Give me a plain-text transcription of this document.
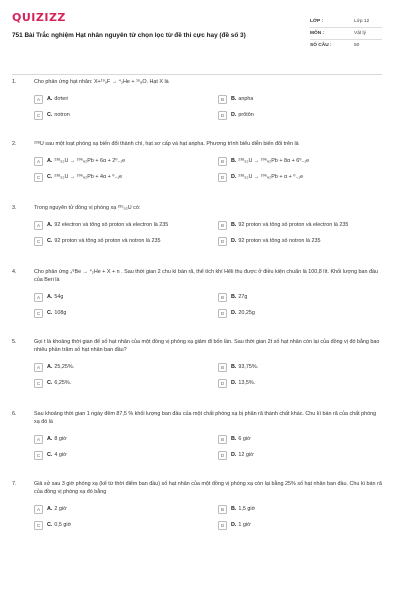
QUIZIZZ
751 Bài Trắc nghiệm Hạt nhân nguyên tử chọn lọc từ đề thi cực hay (đề số 3)
LỚP :	Lớp 12
MÔN :	Vật lý
SỐ CÂU :	50
1.	Cho phản ứng hạt nhân: X+¹⁹₉F → ⁴₂He + ¹⁶₈O. Hạt X là
A	A. đơteri	B	B. anpha
C	C. notron	D	D. prôtôn
2.	²³⁸U sau một loạt phóng xạ biến đổi thành chì, hạt sơ cấp và hạt anpha. Phương trình biểu diễn biến đổi trên là
A	A. ²³⁸₉₂U → ²⁰⁶₈₂Pb + 6α + 2⁰₋₁e	B	B. ²³⁸₉₂U → ²⁰⁶₈₂Pb + 8α + 6⁰₋₁e
C	C. ²³⁸₉₂U → ²⁰⁶₈₂Pb + 4α + ⁰₋₁e	D	D. ²³⁸₉₂U → ²⁰⁶₈₂Pb + α + ⁰₋₁e
3.	Trong nguyên tử đồng vị phóng xạ ²³⁵₉₂U có:
A	A. 92 electron và tổng số proton và electron là 235	B	B. 92 proton và tổng số proton và electron là 235
C	C. 92 proton và tổng số proton và notron là 235	D	D. 92 proton và tổng số notron là 235
4.	Cho phản ứng ₄⁹Be → ⁴₂He + X + n . Sau thời gian 2 chu kì bán rã, thể tích khí Hêli thu được ở điều kiện chuẩn là 100,8 lít. Khối lượng ban đầu của Beri là
A	A. 54g	B	B. 27g
C	C. 108g	D	D. 20,25g
5.	Gọi t là khoảng thời gian để số hạt nhân của một đồng vị phóng xạ giảm đi bốn lần. Sau thời gian 2t số hạt nhân còn lại của đồng vị đó bằng bao nhiêu phần trăm số hạt nhân ban đầu?
A	A. 25,25%.	B	B. 93,75%.
C	C. 6,25%.	D	D. 13,5%.
6.	Sau khoảng thời gian 1 ngày đêm 87,5 % khối lượng ban đầu của một chất phóng xạ bị phân rã thành chất khác. Chu kì bán rã của chất phóng xạ đó là
A	A. 8 giờ	B	B. 6 giờ
C	C. 4 giờ	D	D. 12 giờ
7.	Giả sử sau 3 giờ phóng xạ (kể từ thời điểm ban đầu) số hạt nhân của một đồng vị phóng xạ còn lại bằng 25% số hạt nhân ban đầu. Chu kì bán rã của đồng vị phóng xạ đó bằng
A	A. 2 giờ	B	B. 1,5 giờ
C	C. 0,5 giờ	D	D. 1 giờ
